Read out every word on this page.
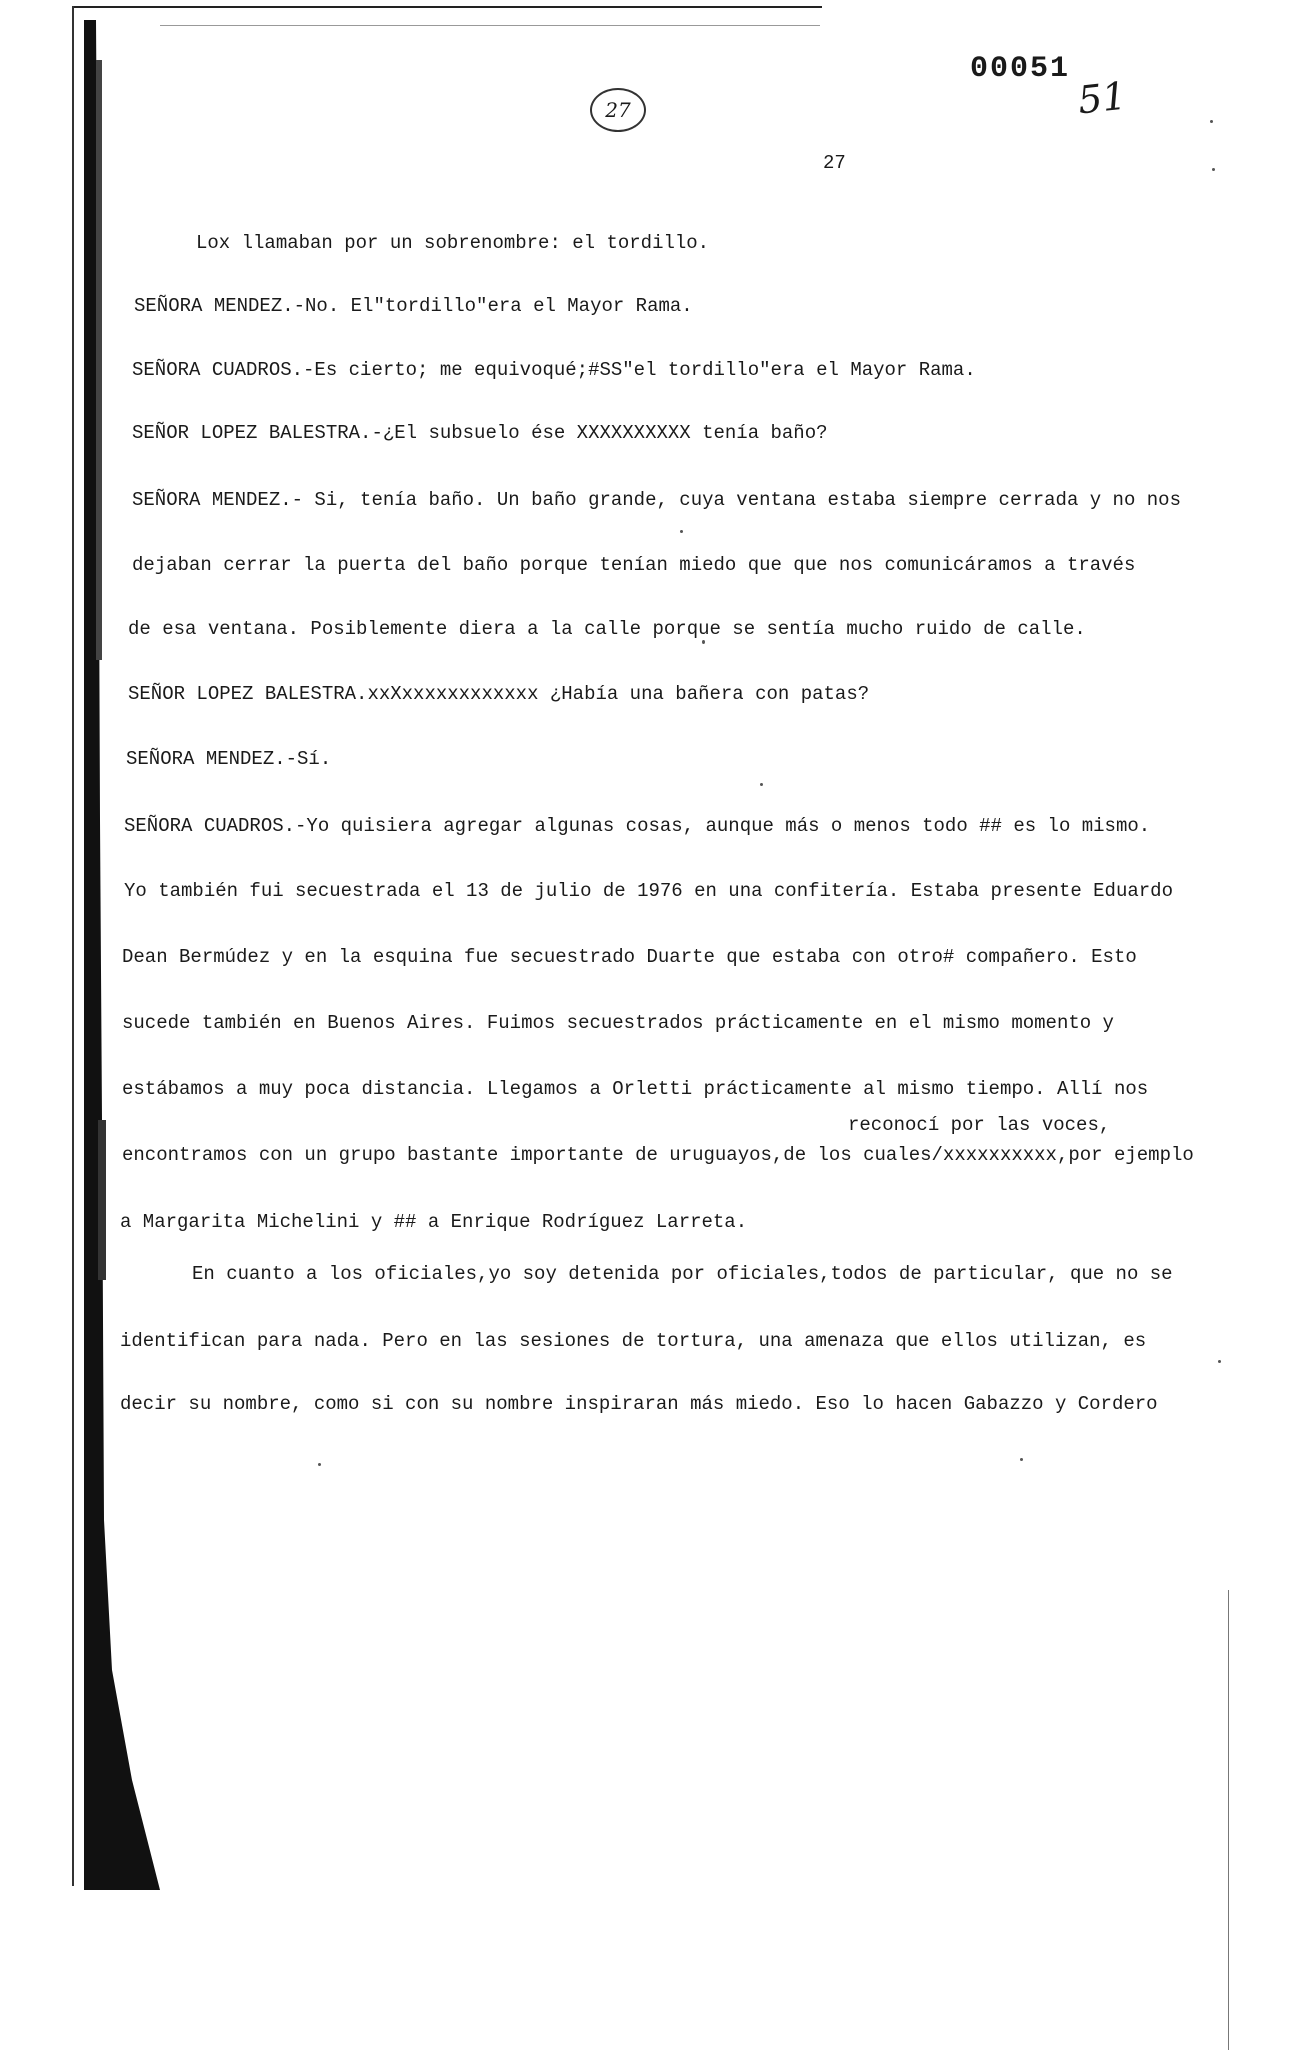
00051
51
27
27
Lox llamaban por un sobrenombre: el tordillo.
SEÑORA MENDEZ.-No. El"tordillo"era el Mayor Rama.
SEÑORA CUADROS.-Es cierto; me equivoqué;#SS"el tordillo"era el Mayor Rama.
SEÑOR LOPEZ BALESTRA.-¿El subsuelo ése XXXXXXXXXX tenía baño?
SEÑORA MENDEZ.- Si, tenía baño. Un baño grande, cuya ventana estaba siempre cerrada y no nos
dejaban cerrar la puerta del baño porque tenían miedo que que nos comunicáramos a través
de esa ventana. Posiblemente diera a la calle porque se sentía mucho ruido de calle.
SEÑOR LOPEZ BALESTRA.xxXxxxxxxxxxxxx ¿Había una bañera con patas?
SEÑORA MENDEZ.-Sí.
SEÑORA CUADROS.-Yo quisiera agregar algunas cosas, aunque más o menos todo ## es lo mismo.
Yo también fui secuestrada el 13 de julio de 1976 en una confitería. Estaba presente Eduardo
Dean Bermúdez y en la esquina fue secuestrado Duarte que estaba con otro# compañero. Esto
sucede también en Buenos Aires. Fuimos secuestrados prácticamente en el mismo momento y
estábamos a muy poca distancia. Llegamos a Orletti prácticamente al mismo tiempo. Allí nos
reconocí por las voces,
encontramos con un grupo bastante importante de uruguayos,de los cuales/xxxxxxxxxx,por ejemplo
a Margarita Michelini y ## a Enrique Rodríguez Larreta.
En cuanto a los oficiales,yo soy detenida por oficiales,todos de particular, que no se
identifican para nada. Pero en las sesiones de tortura, una amenaza que ellos utilizan, es
decir su nombre, como si con su nombre inspiraran más miedo. Eso lo hacen Gabazzo y Cordero
